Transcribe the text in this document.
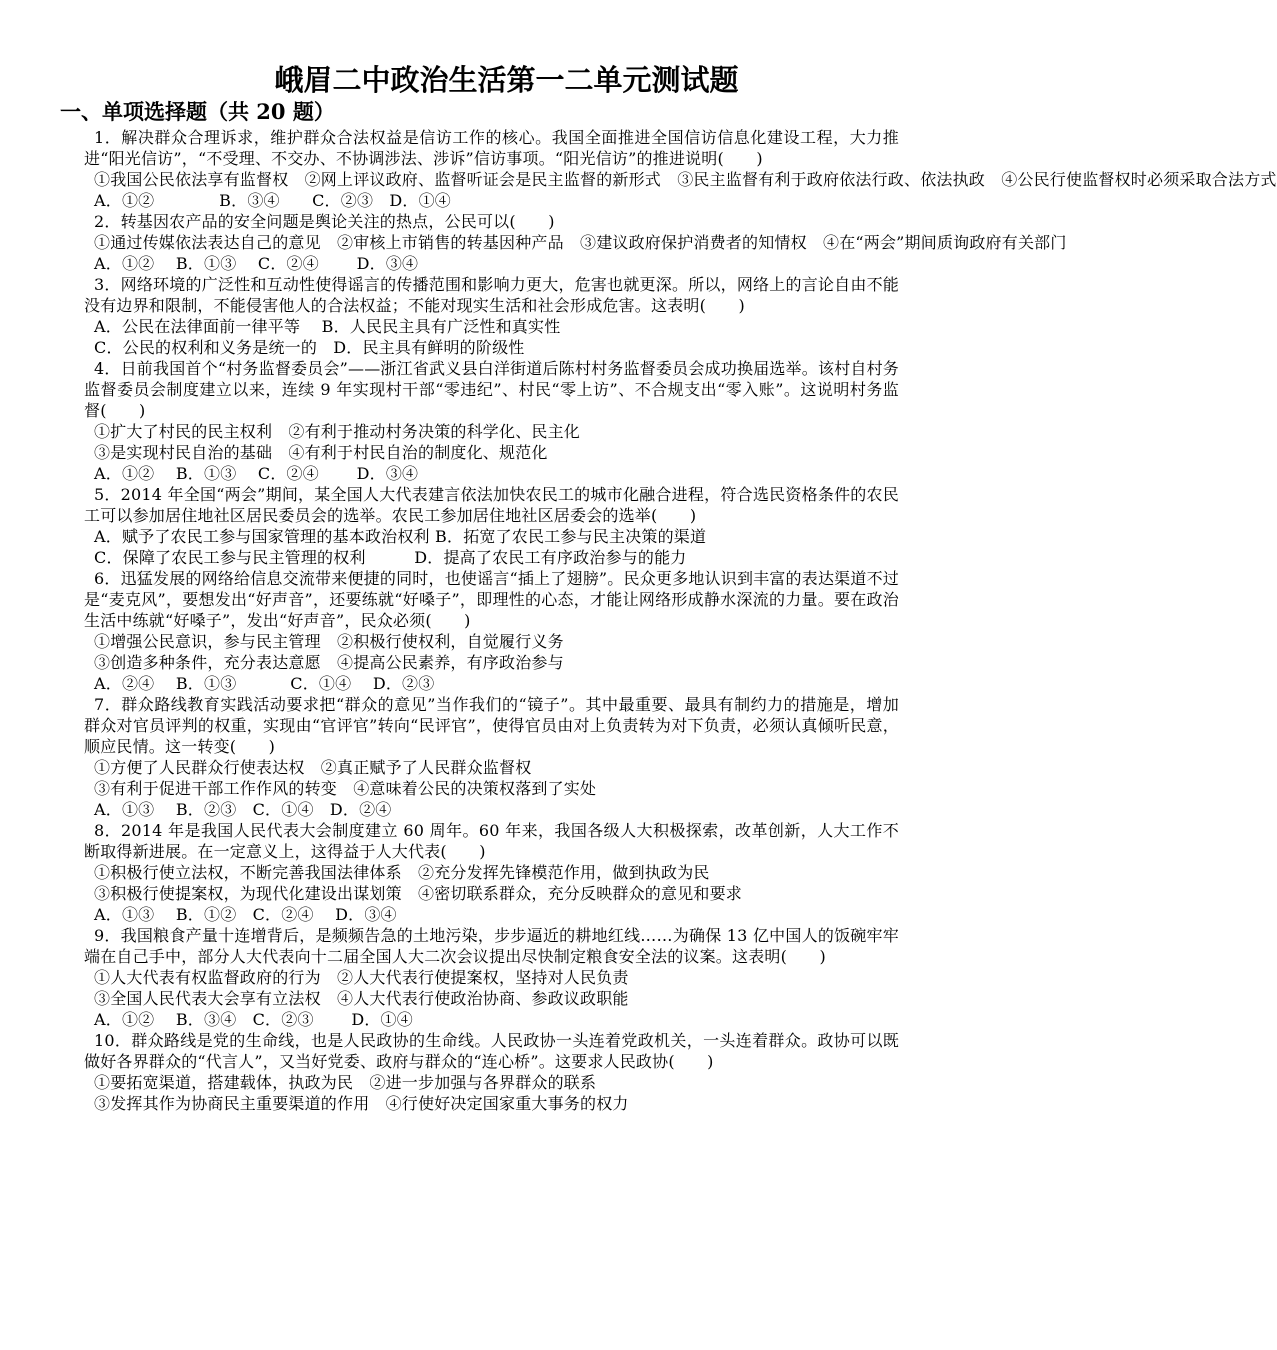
峨眉二中政治生活第一二单元测试题
一、单项选择题（共 20 题）

1．解决群众合理诉求，维护群众合法权益是信访工作的核心。我国全面推进全国信访信息化建设工程，大力推进“阳光信访”，“不受理、不交办、不协调涉法、涉诉”信访事项。“阳光信访”的推进说明(　　)

①我国公民依法享有监督权　②网上评议政府、监督听证会是民主监督的新形式　③民主监督有利于政府依法行政、依法执政　④公民行使监督权时必须采取合法方式

A．①②　　　　B．③④　　C．②③　D．①④

2．转基因农产品的安全问题是舆论关注的热点，公民可以(　　)

①通过传媒依法表达自己的意见　②审核上市销售的转基因种产品　③建议政府保护消费者的知情权　④在“两会”期间质询政府有关部门

A．①②　 B．①③　 C．②④　　 D．③④

3．网络环境的广泛性和互动性使得谣言的传播范围和影响力更大，危害也就更深。所以，网络上的言论自由不能没有边界和限制，不能侵害他人的合法权益；不能对现实生活和社会形成危害。这表明(　　)

A．公民在法律面前一律平等　 B．人民民主具有广泛性和真实性

C．公民的权利和义务是统一的　D．民主具有鲜明的阶级性

4．日前我国首个“村务监督委员会”——浙江省武义县白洋街道后陈村村务监督委员会成功换届选举。该村自村务监督委员会制度建立以来，连续 9 年实现村干部“零违纪”、村民“零上访”、不合规支出“零入账”。这说明村务监督(　　)

①扩大了村民的民主权利　②有利于推动村务决策的科学化、民主化

③是实现村民自治的基础　④有利于村民自治的制度化、规范化

A．①②　 B．①③　 C．②④　　 D．③④

5．2014 年全国“两会”期间，某全国人大代表建言依法加快农民工的城市化融合进程，符合选民资格条件的农民工可以参加居住地社区居民委员会的选举。农民工参加居住地社区居委会的选举(　　)

A．赋予了农民工参与国家管理的基本政治权利 B．拓宽了农民工参与民主决策的渠道

C．保障了农民工参与民主管理的权利　　　D．提高了农民工有序政治参与的能力

6．迅猛发展的网络给信息交流带来便捷的同时，也使谣言“插上了翅膀”。民众更多地认识到丰富的表达渠道不过是“麦克风”，要想发出“好声音”，还要练就“好嗓子”，即理性的心态，才能让网络形成静水深流的力量。要在政治生活中练就“好嗓子”，发出“好声音”，民众必须(　　)

①增强公民意识，参与民主管理　②积极行使权利，自觉履行义务

③创造多种条件，充分表达意愿　④提高公民素养，有序政治参与

A．②④　 B．①③　　　 C．①④　 D．②③

7．群众路线教育实践活动要求把“群众的意见”当作我们的“镜子”。其中最重要、最具有制约力的措施是，增加群众对官员评判的权重，实现由“官评官”转向“民评官”，使得官员由对上负责转为对下负责，必须认真倾听民意，顺应民情。这一转变(　　)

①方便了人民群众行使表达权　②真正赋予了人民群众监督权

③有利于促进干部工作作风的转变　④意味着公民的决策权落到了实处

A．①③　 B．②③　C．①④　D．②④

8．2014 年是我国人民代表大会制度建立 60 周年。60 年来，我国各级人大积极探索，改革创新，人大工作不断取得新进展。在一定意义上，这得益于人大代表(　　)

①积极行使立法权，不断完善我国法律体系　②充分发挥先锋模范作用，做到执政为民

③积极行使提案权，为现代化建设出谋划策　④密切联系群众，充分反映群众的意见和要求

A．①③　 B．①②　C．②④　 D．③④

9．我国粮食产量十连增背后，是频频告急的土地污染，步步逼近的耕地红线……为确保 13 亿中国人的饭碗牢牢端在自己手中，部分人大代表向十二届全国人大二次会议提出尽快制定粮食安全法的议案。这表明(　　)

①人大代表有权监督政府的行为　②人大代表行使提案权，坚持对人民负责

③全国人民代表大会享有立法权　④人大代表行使政治协商、参政议政职能

A．①②　 B．③④　C．②③　　 D．①④

10．群众路线是党的生命线，也是人民政协的生命线。人民政协一头连着党政机关，一头连着群众。政协可以既做好各界群众的“代言人”，又当好党委、政府与群众的“连心桥”。这要求人民政协(　　)

①要拓宽渠道，搭建载体，执政为民　②进一步加强与各界群众的联系

③发挥其作为协商民主重要渠道的作用　④行使好决定国家重大事务的权力
